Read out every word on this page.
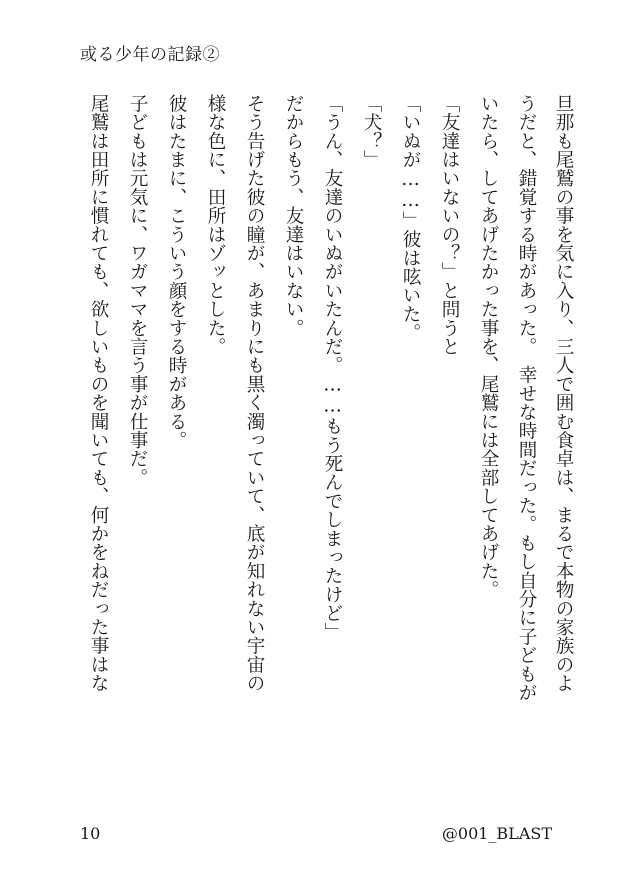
或る少年の記録②
旦那も尾鷲の事を気に入り、三人で囲む食卓は、まるで本物の家族のよ
うだと、錯覚する時があった。　幸せな時間だった。もし自分に子どもが
いたら、してあげたかった事を、尾鷲には全部してあげた。
「友達はいないの？」と問うと
「いぬが……」彼は呟いた。
「犬？」
「うん、友達のいぬがいたんだ。……もう死んでしまったけど」
だからもう、友達はいない。
そう告げた彼の瞳が、あまりにも黒く濁っていて、底が知れない宇宙の
様な色に、田所はゾッとした。
彼はたまに、こういう顔をする時がある。
子どもは元気に、ワガママを言う事が仕事だ。
尾鷲は田所に慣れても、欲しいものを聞いても、何かをねだった事はな
10	@001_BLAST
